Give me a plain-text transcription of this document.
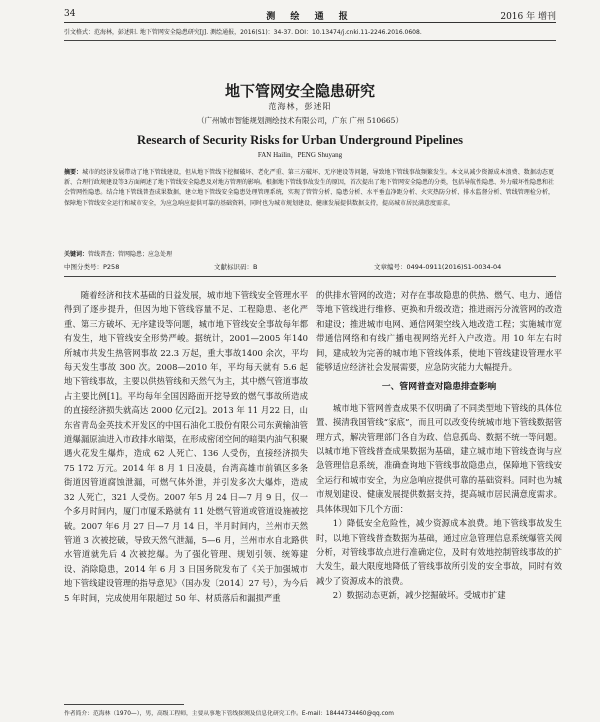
34	测 绘 通 报	2016 年 增刊
引文格式：范海林，彭述阳. 地下管网安全隐患研究[J]. 测绘通报，2016(S1)：34-37. DOI：10.13474/j.cnki.11-2246.2016.0608.
地下管网安全隐患研究
范海林，彭述阳
（广州城市智能规划测绘技术有限公司，广东 广州 510665）
Research of Security Risks for Urban Underground Pipelines
FAN Hailin，PENG Shuyang
摘要：城市的经济发展带动了地下管线建设，但从地下管线下挖掘破坏、老化严重、第三方破坏、无序建设等问题，导致地下管线事故频繁发生。本文从减少资源成本浪费、数据动态更新、合理行政规建设等3方面阐述了地下管线安全隐患及对地方管理的影响。根据地下管线事故发生的原因，首次提出了地下管网安全隐患的分类，包括导航性隐患、外力破坏性隐患和社会管网性隐患。结合地下管线普查成果数据，建立地下管线安全隐患处理管理系统，实现了管管分析、隐患分析、水平垂直净距分析、火灾热防分析、排水监督分析、管线管理检分析，保障地下管线安全运行和城市安全，为应急响应提供可靠的基础资料，同时也为城市规划建设、健康发展提供数据支持，提高城市居民满意度需求。
关键词：管线普查；管网隐患；应急处理
中图分类号：P258	文献标识码：B	文章编号：0494-0911(2016)S1-0034-04

随着经济和技术基础的日益发展，城市地下管线安全管理水平得到了逐步提升，但因为地下管线容量不足、工程隐患、老化严重、第三方破坏、无序建设等问题，城市地下管线安全事故每年都有发生，地下管线安全形势严峻。据统计，2001—2005 年140 所城市共发生热管网事故 22.3 万起，重大事故1400 余次，平均每天发生事故 300 次。2008—2010 年，平均每天就有 5.6 起地下管线事故，主要以供热管线和天然气为主，其中燃气管道事故占主要比例[1]。平均每年全国因路面开挖导致的燃气事故所造成的直接经济损失就高达 2000 亿元[2]。2013 年 11 月22 日，山东省青岛金英技术开发区的中国石油化工股份有限公司东黄输油管道爆漏原油进入市政排水暗渠，在形成密闭空间的暗渠内油气积聚遇火花发生爆炸，造成 62 人死亡、136 人受伤，直接经济损失75 172 万元。2014 年 8 月 1 日凌晨，台湾高雄市前镇区多条街道因管道腐蚀泄漏，可燃气体外泄，并引发多次大爆炸，造成 32 人死亡，321 人受伤。2007 年5 月 24 日—7 月 9 日，仅一个多月时间内，厦门市厦禾路就有 11 处燃气管道或管道设施被挖破。2007 年6 月 27 日—7 月 14 日，半月时间内，兰州市天然管道 3 次被挖破，导致天然气泄漏，5—6 月，兰州市水自北路供水管道就先后 4 次被挖爆。为了强化管理、规划引领、统筹建设、消除隐患，2014 年 6 月 3 日国务院发布了《关于加强城市地下管线建设管理的指导意见》（国办发〔2014〕27 号），为今后 5 年时间，完成使用年限超过 50 年、材质落后和漏损严重

的供排水管网的改造；对存在事故隐患的供热、燃气、电力、通信等地下管线进行维修、更换和升级改造；推进雨污分流管网的改造和建设；推进城市电网、通信网架空线入地改造工程；实施城市宽带通信网络和有线广播电视网络光纤入户改造。用 10 年左右时间，建成较为完善的城市地下管线体系，使地下管线建设管理水平能够适应经济社会发展需要，应急防灾能力大幅提升。

一、管网普查对隐患排查影响

城市地下管网普查成果不仅明确了不同类型地下管线的具体位置、摸清我国管线“家底”，而且可以改变传统城市地下管线数据管理方式，解决管理部门各自为政、信息孤岛、数据不统一等问题。以城市地下管线普查成果数据为基础，建立城市地下管线查询与应急管理信息系统，准确查询地下管线事故隐患点，保障地下管线安全运行和城市安全，为应急响应提供可靠的基础资料。同时也为城市规划建设、健康发展提供数据支持，提高城市居民满意度需求。具体体现如下几个方面：

1）降低安全危险性，减少资源成本浪费。地下管线事故发生时，以地下管线普查数据为基础，通过应急管理信息系统爆管关阀分析，对管线事故点进行准确定位，及时有效地控制管线事故的扩大发生，最大限度地降低了管线事故所引发的安全事故，同时有效减少了资源成本的浪费。

2）数据动态更新，减少挖掘破坏。受城市扩建

作者简介：范海林（1970—），男，高级工程师，主要从事地下管线探测及信息化研究工作。E-mail：18444734460@qq.com
